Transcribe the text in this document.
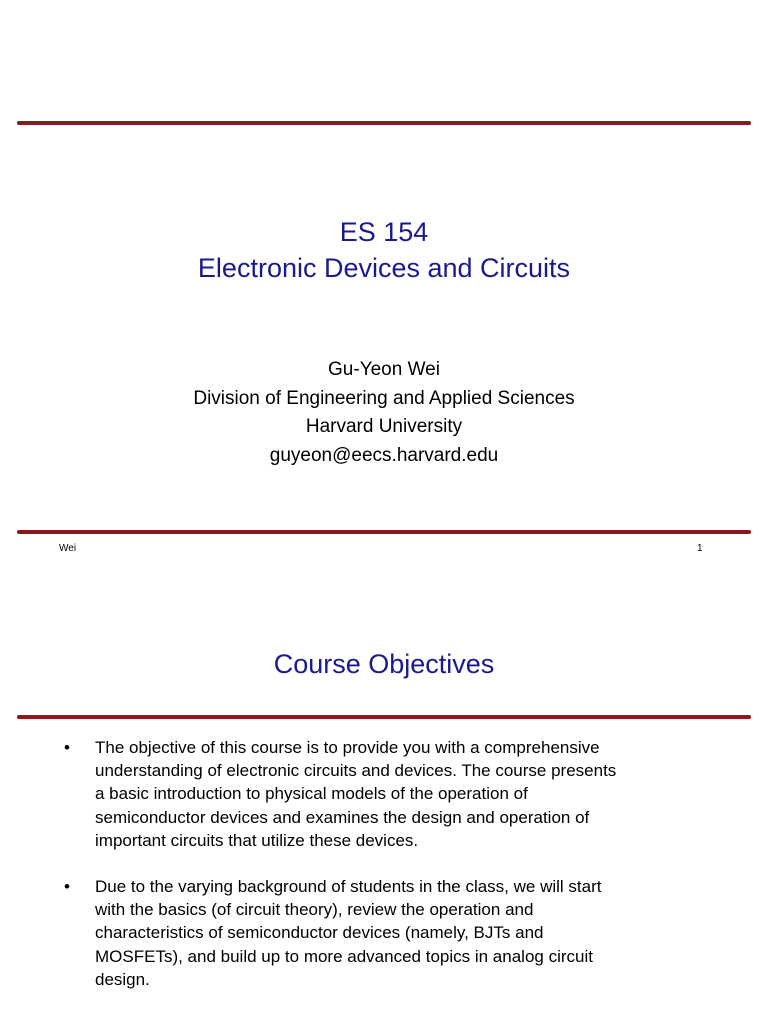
ES 154
Electronic Devices and Circuits
Gu-Yeon Wei
Division of Engineering and Applied Sciences
Harvard University
guyeon@eecs.harvard.edu
Wei	1
Course Objectives
• The objective of this course is to provide you with a comprehensive
understanding of electronic circuits and devices. The course presents
a basic introduction to physical models of the operation of
semiconductor devices and examines the design and operation of
important circuits that utilize these devices.
• Due to the varying background of students in the class, we will start
with the basics (of circuit theory), review the operation and
characteristics of semiconductor devices (namely, BJTs and
MOSFETs), and build up to more advanced topics in analog circuit
design.
